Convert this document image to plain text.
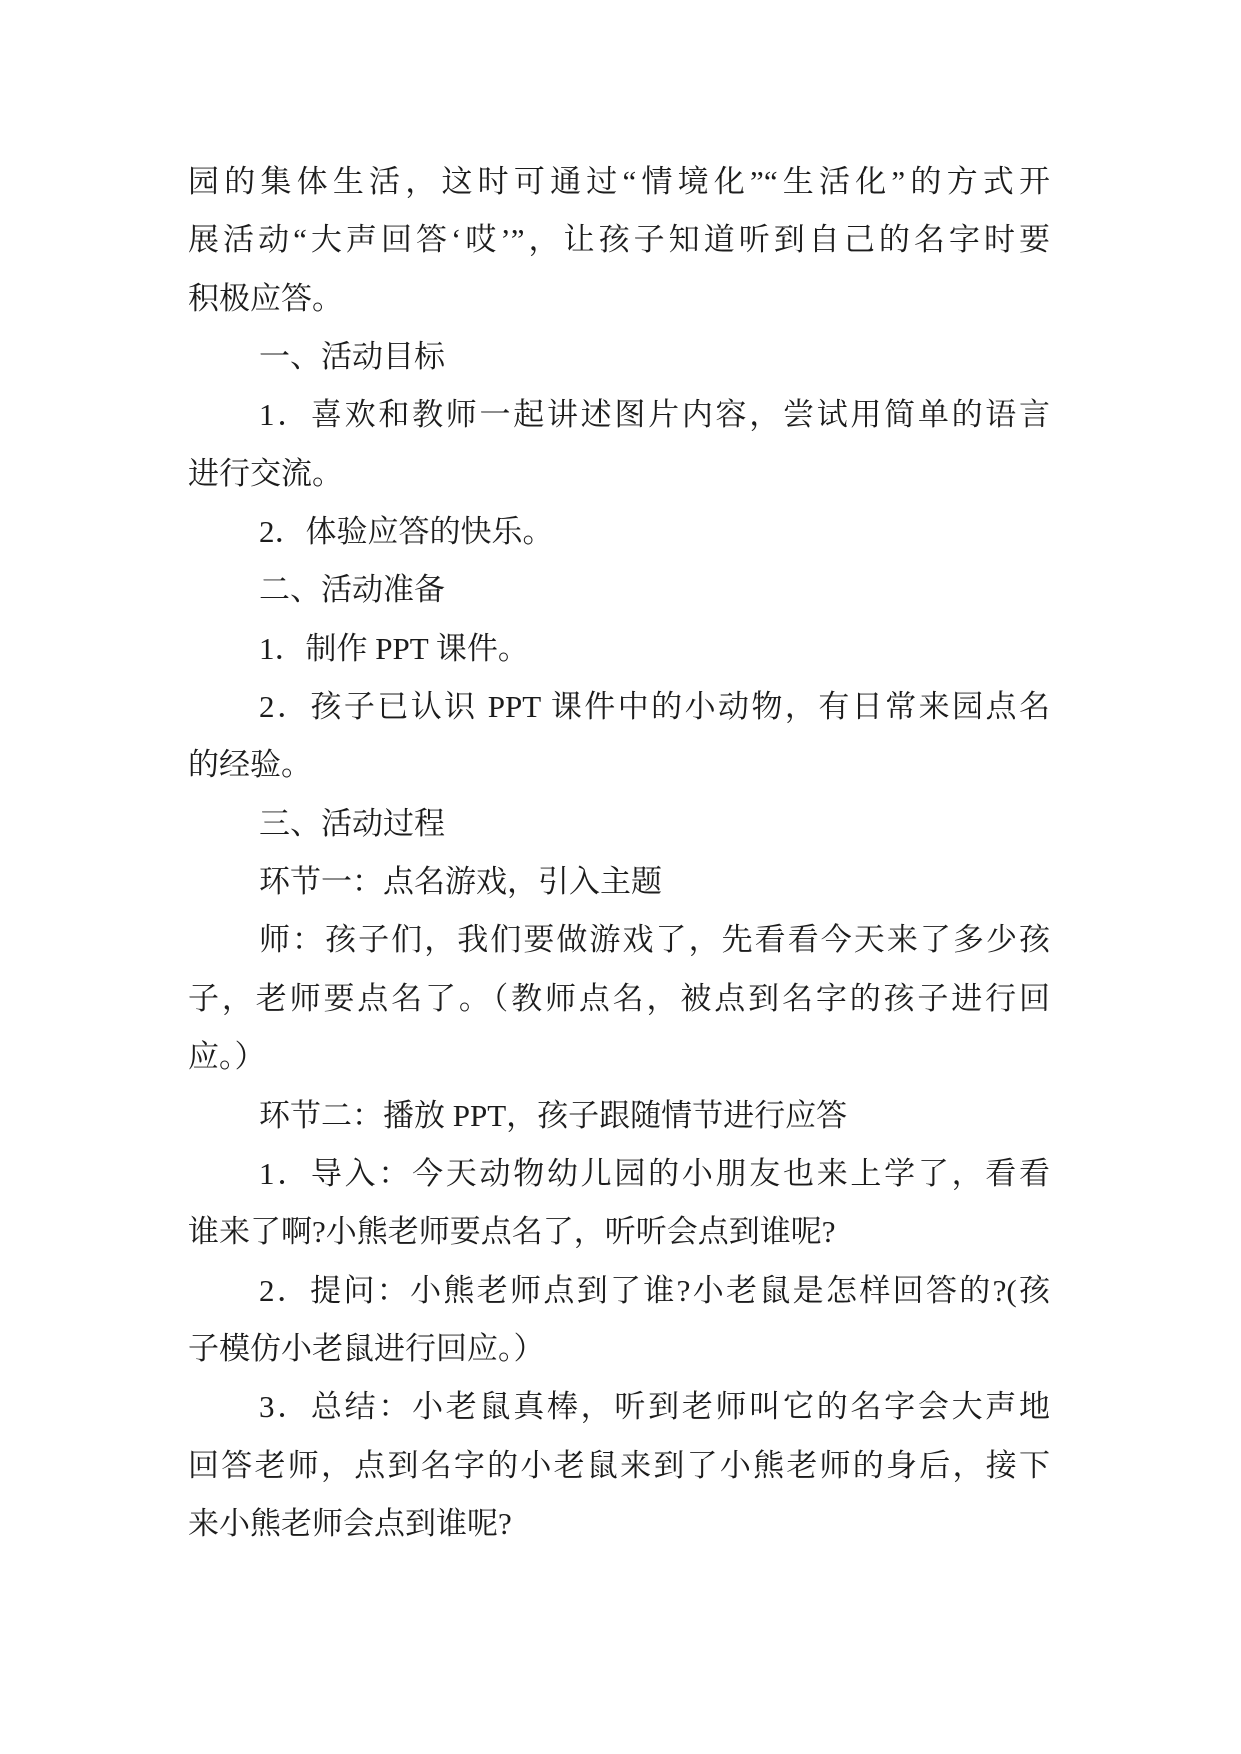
园的集体生活，这时可通过“情境化”“生活化”的方式开
展活动“大声回答‘哎’”，让孩子知道听到自己的名字时要
积极应答。
一、活动目标
1．喜欢和教师一起讲述图片内容，尝试用简单的语言
进行交流。
2．体验应答的快乐。
二、活动准备
1．制作 PPT 课件。
2．孩子已认识 PPT 课件中的小动物，有日常来园点名
的经验。
三、活动过程
环节一：点名游戏，引入主题
师：孩子们，我们要做游戏了，先看看今天来了多少孩
子，老师要点名了。（教师点名，被点到名字的孩子进行回
应。）
环节二：播放 PPT，孩子跟随情节进行应答
1．导入：今天动物幼儿园的小朋友也来上学了，看看
谁来了啊?小熊老师要点名了，听听会点到谁呢?
2．提问：小熊老师点到了谁?小老鼠是怎样回答的?(孩
子模仿小老鼠进行回应。）
3．总结：小老鼠真棒，听到老师叫它的名字会大声地
回答老师，点到名字的小老鼠来到了小熊老师的身后，接下
来小熊老师会点到谁呢?
